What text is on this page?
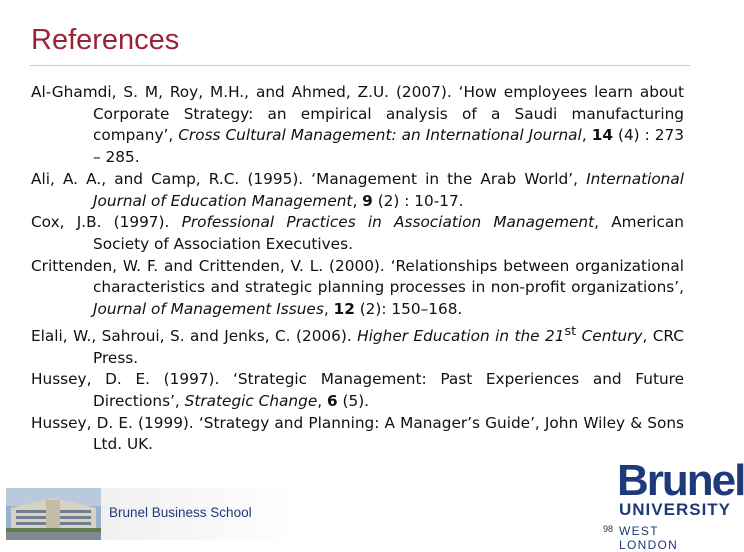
References

Al-Ghamdi, S. M, Roy, M.H., and Ahmed, Z.U. (2007). ‘How employees learn about Corporate Strategy: an empirical analysis of a Saudi manufacturing company’, Cross Cultural Management: an International Journal, 14 (4) : 273 – 285.

Ali, A. A., and Camp, R.C. (1995). ‘Management in the Arab World’, International Journal of Education Management, 9 (2) : 10-17.

Cox, J.B. (1997). Professional Practices in Association Management, American Society of Association Executives.

Crittenden, W. F. and Crittenden, V. L. (2000). ‘Relationships between organizational characteristics and strategic planning processes in non-profit organizations’, Journal of Management Issues, 12 (2): 150–168.

Elali, W., Sahroui, S. and Jenks, C. (2006). Higher Education in the 21st Century, CRC Press.

Hussey, D. E. (1997). ‘Strategic Management: Past Experiences and Future Directions’, Strategic Change, 6 (5).

Hussey, D. E. (1999). ‘Strategy and Planning: A Manager’s Guide’, John Wiley & Sons Ltd. UK.

Brunel Business School
98
Brunel
UNIVERSITY
WEST LONDON
